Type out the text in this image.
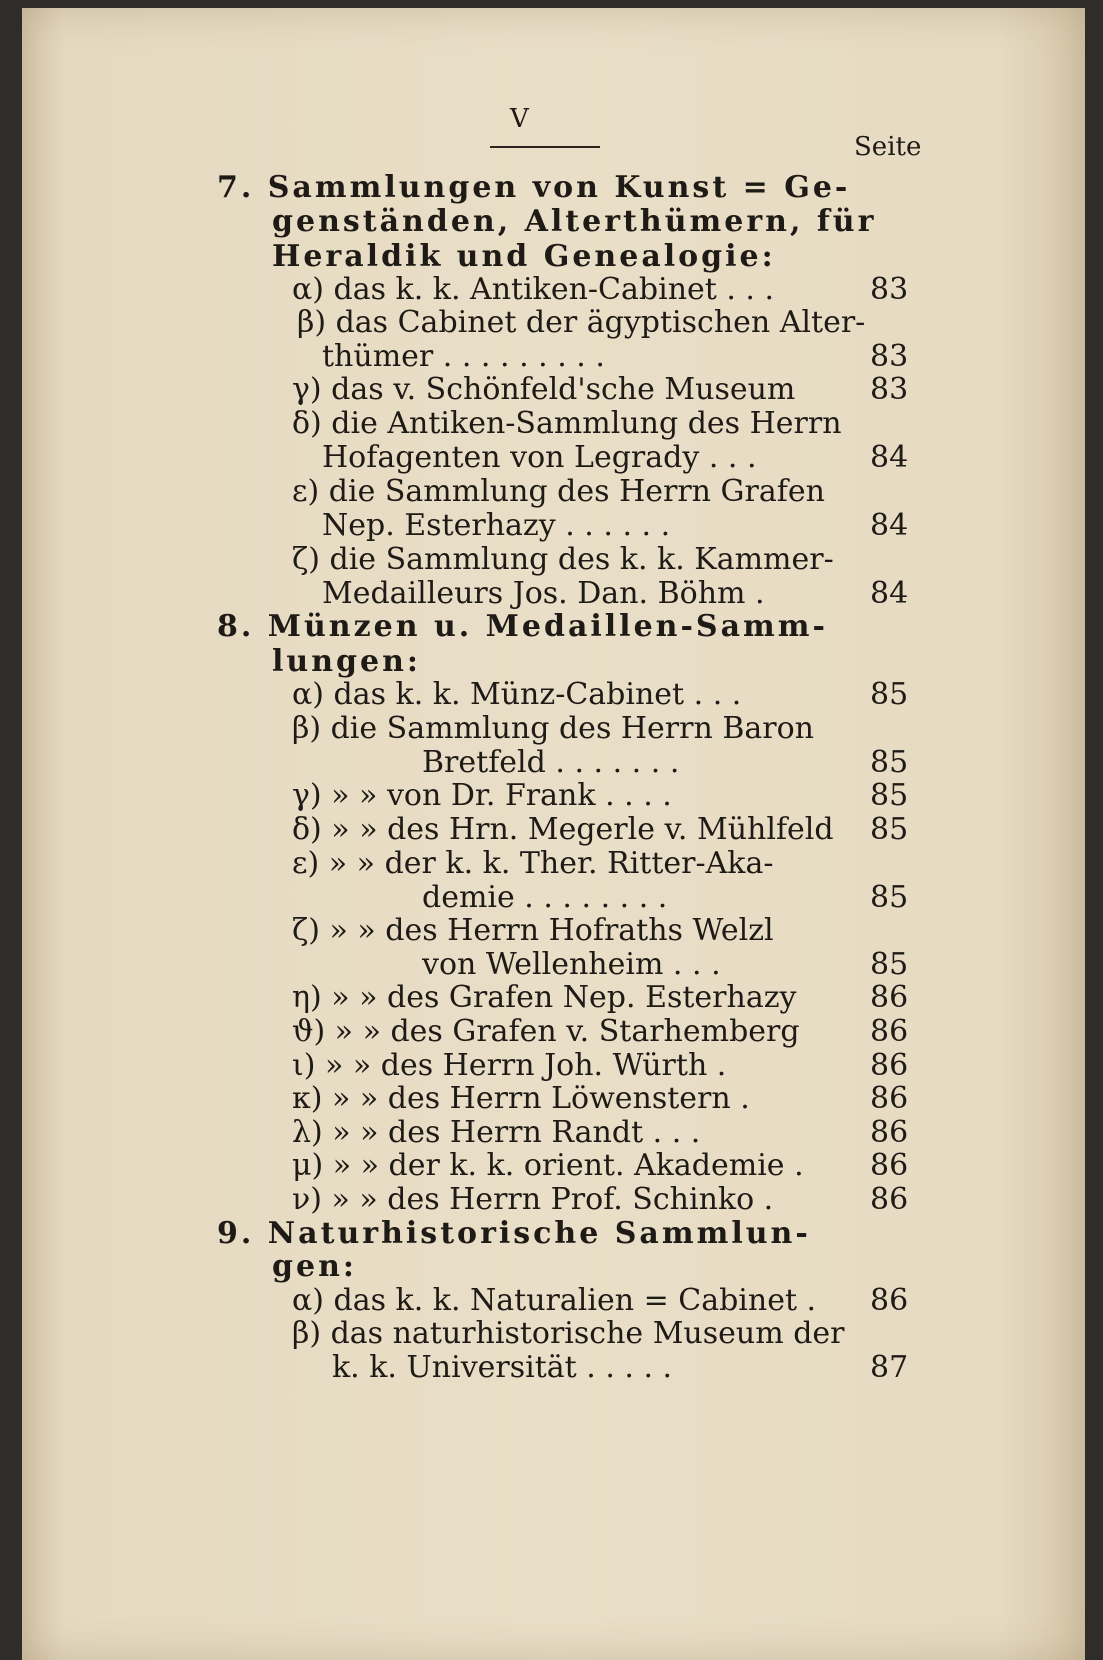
V
Seite
7. Sammlungen von Kunst = Ge-
genständen, Alterthümern, für
Heraldik und Genealogie:
α) das k. k. Antiken-Cabinet . . .	83
β) das Cabinet der ägyptischen Alter-
thümer . . . . . . . . .	83
γ) das v. Schönfeld'sche Museum 83
δ) die Antiken-Sammlung des Herrn
Hofagenten von Legrady . . .	84
ε) die Sammlung des Herrn Grafen
Nep. Esterhazy . . . . . .	84
ζ) die Sammlung des k. k. Kammer-
Medailleurs Jos. Dan. Böhm .	84
8. Münzen u. Medaillen-Samm-
lungen:
α) das k. k. Münz-Cabinet . . .	85
β) die Sammlung des Herrn Baron
Bretfeld . . . . . . .	85
γ) » » von Dr. Frank . . . .	85
δ) » » des Hrn. Megerle v. Mühlfeld 85
ε) » » der k. k. Ther. Ritter-Aka-
demie . . . . . . . .	85
ζ) » » des Herrn Hofraths Welzl
von Wellenheim . . .	85
η) » » des Grafen Nep. Esterhazy 86
ϑ) » » des Grafen v. Starhemberg 86
ι) » » des Herrn Joh. Würth .	86
κ) » » des Herrn Löwenstern .	86
λ) » » des Herrn Randt . . .	86
μ) » » der k. k. orient. Akademie . 86
ν) » » des Herrn Prof. Schinko .	86
9. Naturhistorische Sammlun-
gen:
α) das k. k. Naturalien = Cabinet . 86
β) das naturhistorische Museum der
k. k. Universität . . . . .	87
